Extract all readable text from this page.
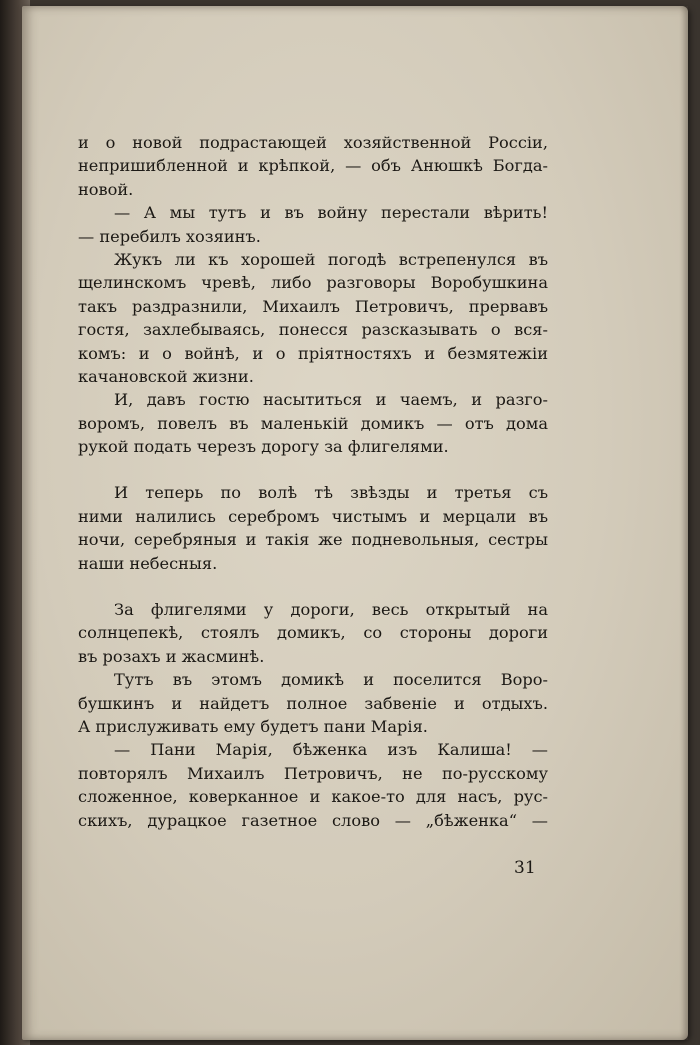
и о новой подрастающей хозяйственной Россіи,
непришибленной и крѣпкой, — объ Анюшкѣ Богда-
новой.
— А мы тутъ и въ войну перестали вѣрить!
— перебилъ хозяинъ.
Жукъ ли къ хорошей погодѣ встрепенулся въ
щелинскомъ чревѣ, либо разговоры Воробушкина
такъ раздразнили, Михаилъ Петровичъ, прервавъ
гостя, захлебываясь, понесся разсказывать о вся-
комъ: и о войнѣ, и о пріятностяхъ и безмятежіи
качановской жизни.
И, давъ гостю насытиться и чаемъ, и разго-
воромъ, повелъ въ маленькій домикъ — отъ дома
рукой подать черезъ дорогу за флигелями.
И теперь по волѣ тѣ звѣзды и третья съ
ними налились серебромъ чистымъ и мерцали въ
ночи, серебряныя и такія же подневольныя, сестры
наши небесныя.
За флигелями у дороги, весь открытый на
солнцепекѣ, стоялъ домикъ, со стороны дороги
въ розахъ и жасминѣ.
Тутъ въ этомъ домикѣ и поселится Воро-
бушкинъ и найдетъ полное забвеніе и отдыхъ.
А прислуживать ему будетъ пани Марія.
— Пани Марія, бѣженка изъ Калиша! —
повторялъ Михаилъ Петровичъ, не по-русскому
сложенное, коверканное и какое-то для насъ, рус-
скихъ, дурацкое газетное слово — „бѣженка“ —
31
